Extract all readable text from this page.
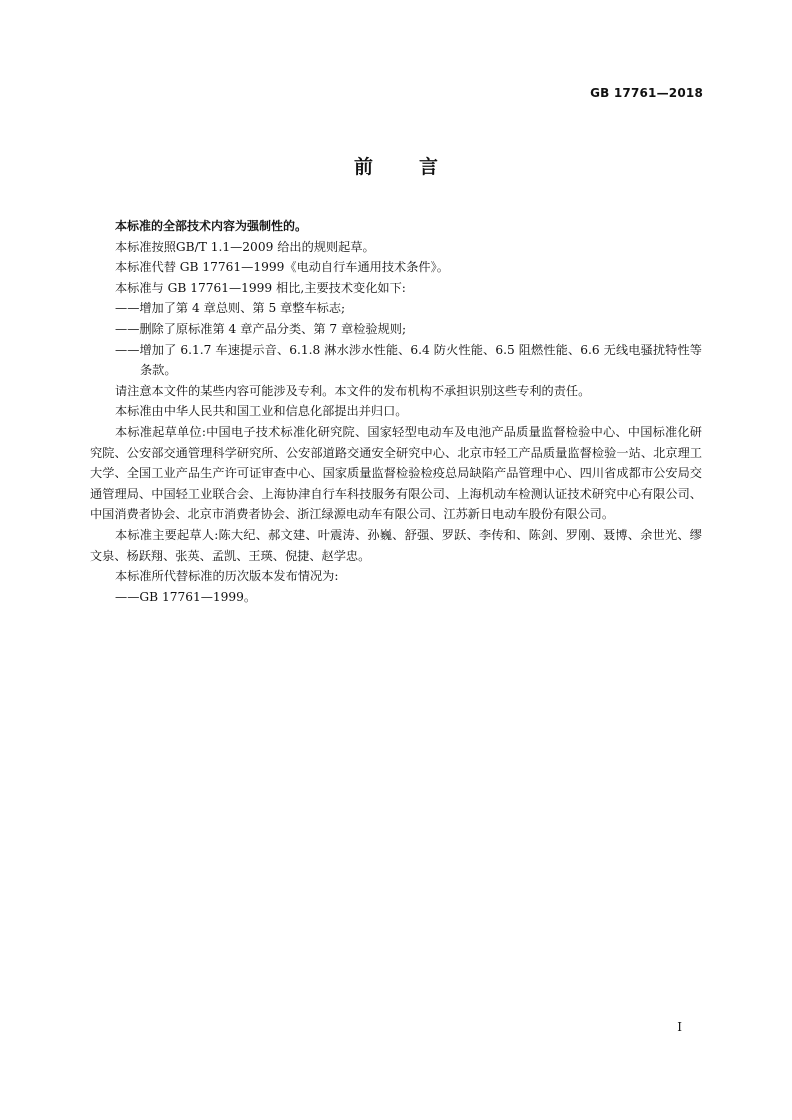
GB 17761—2018
前言

本标准的全部技术内容为强制性的。

本标准按照GB/T 1.1—2009 给出的规则起草。

本标准代替 GB 17761—1999《电动自行车通用技术条件》。

本标准与 GB 17761—1999 相比,主要技术变化如下:

——增加了第 4 章总则、第 5 章整车标志;

——删除了原标准第 4 章产品分类、第 7 章检验规则;

——增加了 6.1.7 车速提示音、6.1.8 淋水涉水性能、6.4 防火性能、6.5 阻燃性能、6.6 无线电骚扰特性等条款。

请注意本文件的某些内容可能涉及专利。本文件的发布机构不承担识别这些专利的责任。

本标准由中华人民共和国工业和信息化部提出并归口。

本标准起草单位:中国电子技术标准化研究院、国家轻型电动车及电池产品质量监督检验中心、中国标准化研究院、公安部交通管理科学研究所、公安部道路交通安全研究中心、北京市轻工产品质量监督检验一站、北京理工大学、全国工业产品生产许可证审查中心、国家质量监督检验检疫总局缺陷产品管理中心、四川省成都市公安局交通管理局、中国轻工业联合会、上海协津自行车科技服务有限公司、上海机动车检测认证技术研究中心有限公司、中国消费者协会、北京市消费者协会、浙江绿源电动车有限公司、江苏新日电动车股份有限公司。

本标准主要起草人:陈大纪、郝文建、叶震涛、孙巍、舒强、罗跃、李传和、陈剑、罗刚、聂博、余世光、缪文泉、杨跃翔、张英、孟凯、王瑛、倪捷、赵学忠。

本标准所代替标准的历次版本发布情况为:

——GB 17761—1999。

I
